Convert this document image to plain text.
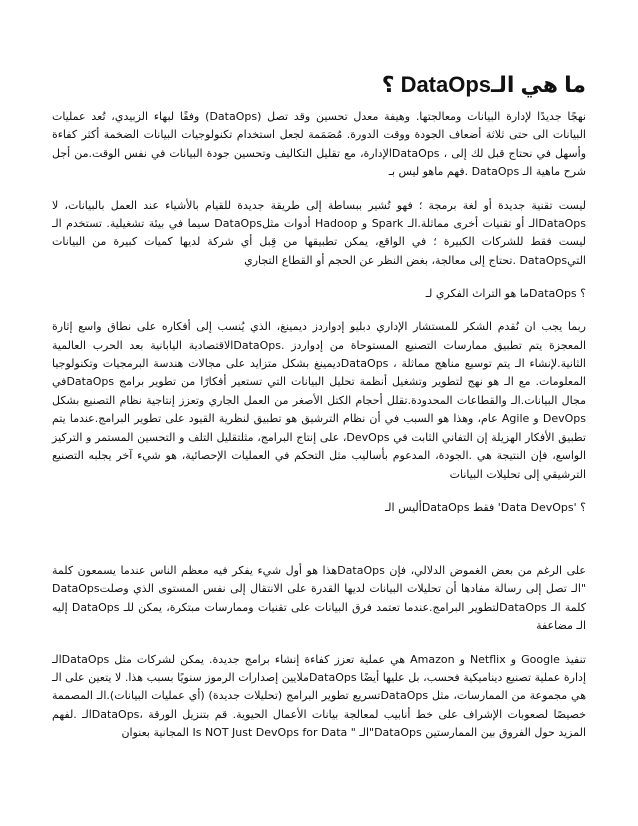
ما هي الـDataOps ؟

نهجًا جديدًا لإدارة البيانات ومعالجتها. وهيفة معدل تحسين وقد تصل (DataOps) وفقًا لبهاء الزبيدي، تُعد عمليات البيانات الى حتى ثلاثة أضعاف الجودة ووقت الدورة. مُصَمَمة لجعل استخدام تكنولوجيات البيانات الضخمة أكثر كفاءة وأسهل في نحتاج قبل لك إلى ، DataOpsالإدارة، مع تقليل التكاليف وتحسين جودة البيانات في نفس الوقت.من أجل شرح ماهية الـ DataOps .فهم ماهو ليس بـ

ليست تقنية جديدة أو لغة برمجة ؛ فهو تُشير ببساطة إلى طريقة جديدة للقيام بالأشياء عند العمل بالبيانات، لا DataOpsالـ أو تقنيات أخرى مماثلة.الـ Spark و Hadoop أدوات مثلDataOps سيما في بيئة تشغيلية. تستخدم الـ ليست فقط للشركات الكبيرة ؛ في الواقع، يمكن تطبيقها من قِبل أي شركة لديها كميات كبيرة من البيانات التيDataOps .تحتاج إلى معالجة، بغض النظر عن الحجم أو القطاع التجاري

؟ DataOpsما هو التراث الفكري لـ

ربما يجب ان نُقدم الشكر للمستشار الإداري دبليو إدواردز ديمينغ، الذي يُنسب إلى أفكاره على نطاق واسع إثارة المعجزة يتم تطبيق ممارسات التصنيع المستوحاة من إدواردز .DataOpsالاقتصادية اليابانية بعد الحرب العالمية الثانية.لإنشاء الـ يتم توسيع مناهج مماثلة ، DataOpsديمينغ بشكل متزايد على مجالات هندسة البرمجيات وتكنولوجيا المعلومات. مع الـ هو نهج لتطوير وتشغيل أنظمة تحليل البيانات التي تستعير أفكارًا من تطوير برامج DataOpsفي مجال البيانات.الـ والقطاعات المحدودة.تقلل أحجام الكتل الأصغر من العمل الجاري وتعزز إنتاجية نظام التصنيع بشكل DevOps و Agile عام، وهذا هو السبب في أن نظام الترشيق هو تطبيق لنظرية القيود على تطوير البرامج.عندما يتم تطبيق الأفكار الهزيلة إن التفاني الثابت في DevOps، على إنتاج البرامج، مثلتقليل التلف و التحسين المستمر و التركيز الواسع، فإن النتيجة هي .الجودة، المدعوم بأساليب مثل التحكم في العمليات الإحصائية، هو شيء آخر يجلبه التصنيع الترشيقي إلى تحليلات البيانات

؟ 'Data DevOps' فقط DataOpsأليس الـ

على الرغم من بعض الغموض الدلالي، فإن DataOpsهذا هو أول شيء يفكر فيه معظم الناس عندما يسمعون كلمة "الـ تصل إلى رسالة مفادها أن تحليلات البيانات لديها القدرة على الانتقال إلى نفس المستوى الذي وصلتDataOps كلمة الـ DataOpsلتطوير البرامج.عندما تعتمد فرق البيانات على تقنيات وممارسات مبتكرة، يمكن للـ DataOps إليه الـ مضاعفة

تنفيذ Google و Netflix و Amazon هي عملية تعزز كفاءة إنشاء برامج جديدة. يمكن لشركات مثل DataOpsالـ إدارة عملية تصنيع ديناميكية فحسب، بل عليها أيضًا DataOpsملايين إصدارات الرموز سنويًا بسبب هذا. لا يتعين على الـ هي مجموعة من الممارسات، مثل DataOpsتسريع تطوير البرامج (تحليلات جديدة) (أي عمليات البيانات).الـ المصممة خصيصًا لصعوبات الإشراف على خط أنابيب لمعالجة بيانات الأعمال الحيوية. قم بتنزيل الورقة ،DataOpsالـ .لفهم المزيد حول الفروق بين الممارستين DataOps"الـ " Is NOT Just DevOps for Data المجانية بعنوان
